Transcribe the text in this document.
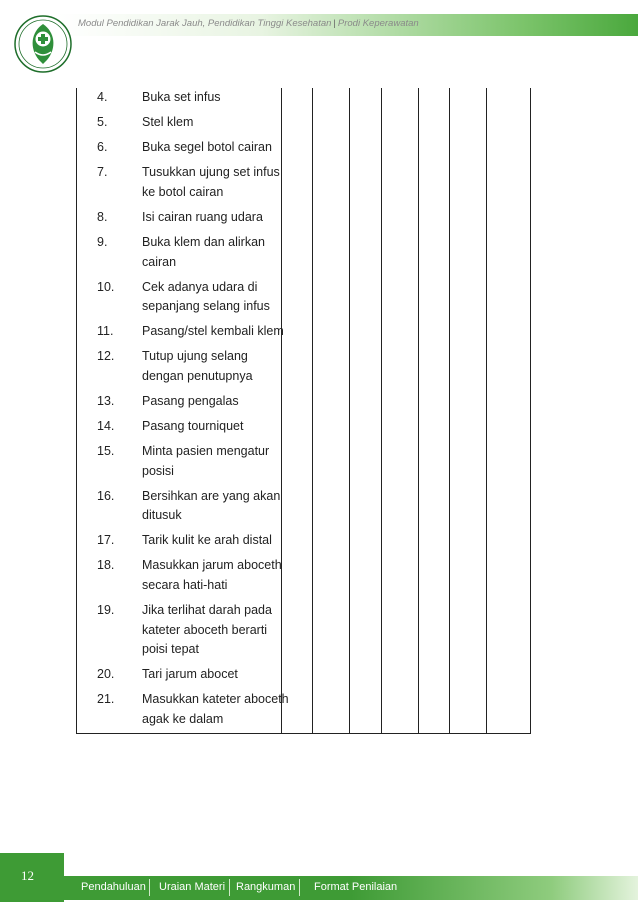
Modul Pendidikan Jarak Jauh, Pendidikan Tinggi Kesehatan | Prodi Keperawatan
4.	Buka set infus
5.	Stel klem
6.	Buka segel botol cairan
7.	Tusukkan ujung set infus
ke botol cairan
8.	Isi cairan ruang udara
9.	Buka klem dan alirkan
cairan
10.	Cek adanya udara di
sepanjang selang infus
11.	Pasang/stel kembali klem
12.	Tutup ujung selang
dengan penutupnya
13.	Pasang pengalas
14.	Pasang tourniquet
15.	Minta pasien mengatur
posisi
16.	Bersihkan are yang akan
ditusuk
17.	Tarik kulit ke arah distal
18.	Masukkan jarum aboceth
secara hati-hati
19.	Jika terlihat darah pada
kateter aboceth berarti
poisi tepat
20.	Tari jarum abocet
21.	Masukkan kateter aboceth
agak ke dalam
12
Pendahuluan Uraian Materi Rangkuman Format Penilaian
